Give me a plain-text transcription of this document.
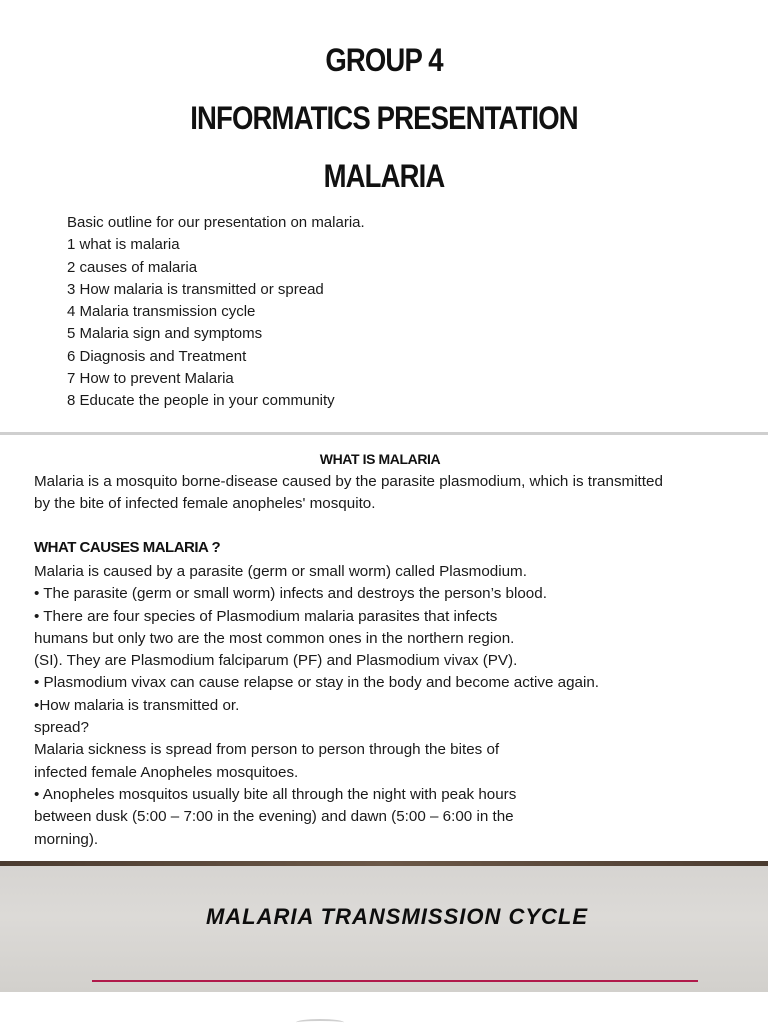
GROUP 4
INFORMATICS PRESENTATION
MALARIA
Basic outline for our presentation on malaria.
1 what is malaria
2 causes of malaria
3 How malaria is transmitted or spread
4 Malaria transmission cycle
5 Malaria sign and symptoms
6 Diagnosis and Treatment
7 How to prevent Malaria
8 Educate the people in your community
WHAT IS MALARIA
Malaria is a mosquito borne-disease caused by the parasite plasmodium, which is transmitted
by the bite of infected female anopheles' mosquito.
WHAT CAUSES MALARIA ?
Malaria is caused by a parasite (germ or small worm) called Plasmodium.
• The parasite (germ or small worm) infects and destroys the person’s blood.
• There are four species of Plasmodium malaria parasites that infects
humans but only two are the most common ones in the northern region.
(SI). They are Plasmodium falciparum (PF) and Plasmodium vivax (PV).
• Plasmodium vivax can cause relapse or stay in the body and become active again.
•How malaria is transmitted or.
spread?
Malaria sickness is spread from person to person through the bites of
infected female Anopheles mosquitoes.
• Anopheles mosquitos usually bite all through the night with peak hours
between dusk (5:00 – 7:00 in the evening) and dawn (5:00 – 6:00 in the
morning).
MALARIA TRANSMISSION CYCLE
